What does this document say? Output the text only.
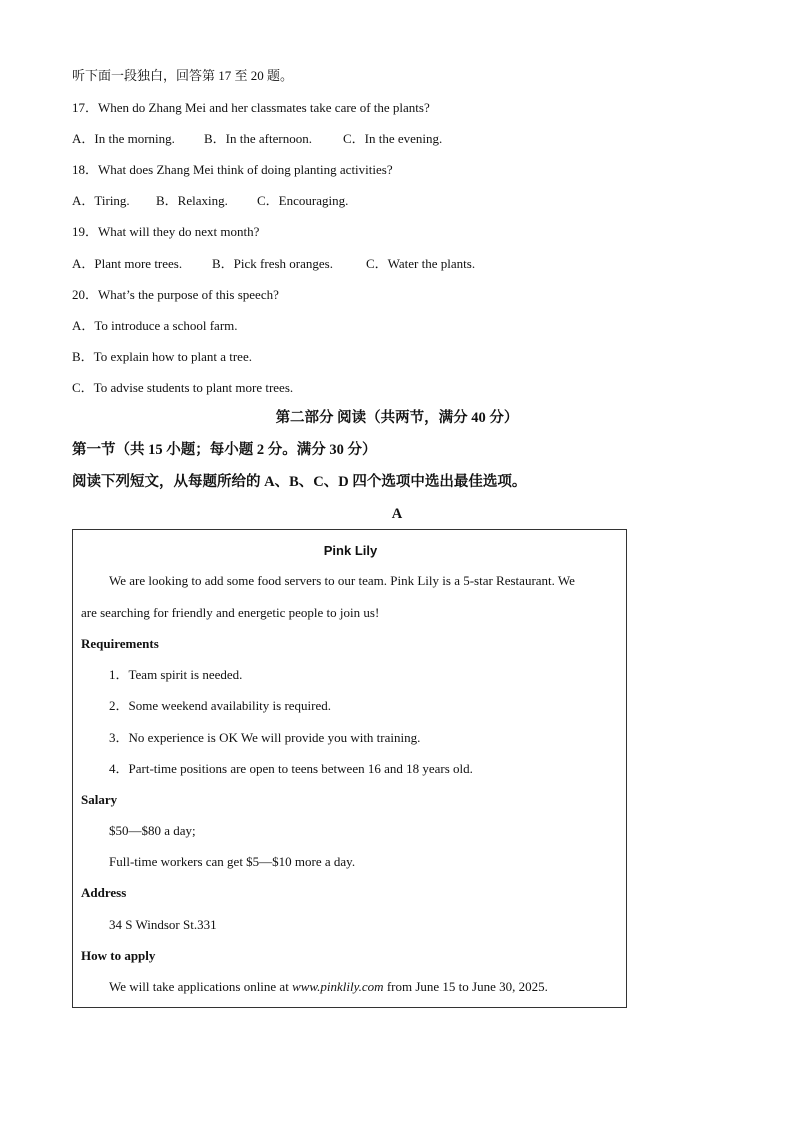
听下面一段独白，回答第 17 至 20 题。
17．When do Zhang Mei and her classmates take care of the plants?
A．In the morning. B．In the afternoon. C．In the evening.
18．What does Zhang Mei think of doing planting activities?
A．Tiring. B．Relaxing. C．Encouraging.
19．What will they do next month?
A．Plant more trees. B．Pick fresh oranges.	C．Water the plants.
20．What’s the purpose of this speech?
A．To introduce a school farm.
B．To explain how to plant a tree.
C．To advise students to plant more trees.
第二部分 阅读（共两节，满分 40 分）
第一节（共 15 小题；每小题 2 分。满分 30 分）
阅读下列短文，从每题所给的 A、B、C、D 四个选项中选出最佳选项。
A
Pink Lily
We are looking to add some food servers to our team. Pink Lily is a 5-star Restaurant. We
are searching for friendly and energetic people to join us!
Requirements
1．Team spirit is needed.
2．Some weekend availability is required.
3．No experience is OK We will provide you with training.
4．Part-time positions are open to teens between 16 and 18 years old.
Salary
$50—$80 a day;
Full-time workers can get $5—$10 more a day.
Address
34 S Windsor St.331
How to apply
We will take applications online at www.pinklily.com from June 15 to June 30, 2025.
